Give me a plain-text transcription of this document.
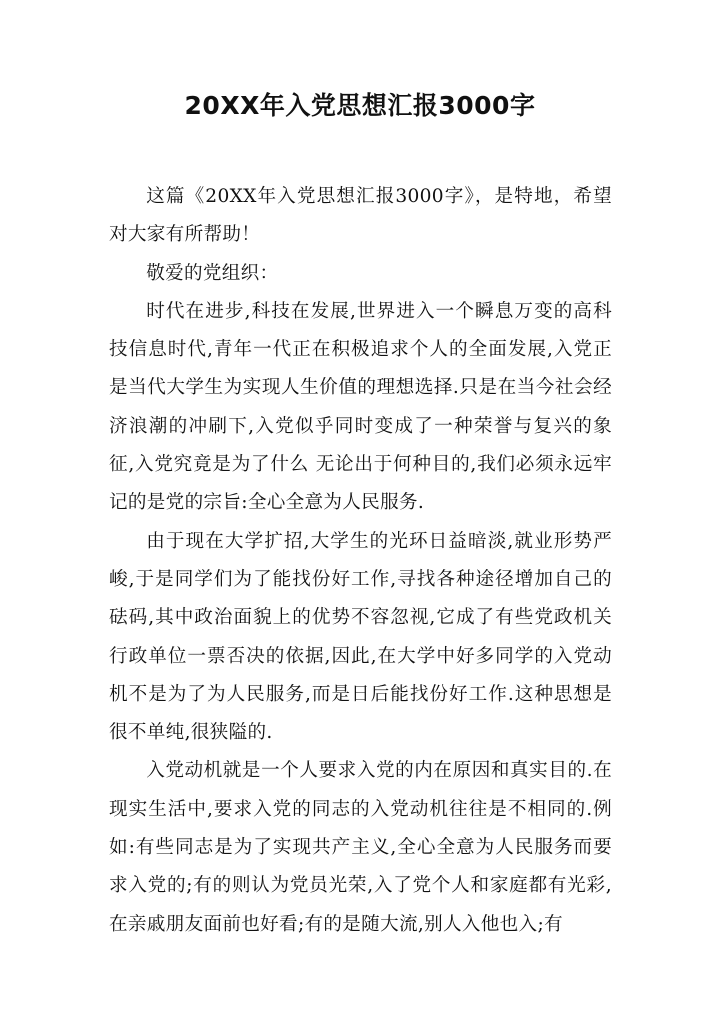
20XX年入党思想汇报3000字

这篇《20XX年入党思想汇报3000字》，是特地，希望对大家有所帮助！

敬爱的党组织：

时代在进步,科技在发展,世界进入一个瞬息万变的高科技信息时代,青年一代正在积极追求个人的全面发展,入党正是当代大学生为实现人生价值的理想选择.只是在当今社会经济浪潮的冲刷下,入党似乎同时变成了一种荣誉与复兴的象征,入党究竟是为了什么 无论出于何种目的,我们必须永远牢记的是党的宗旨:全心全意为人民服务.

由于现在大学扩招,大学生的光环日益暗淡,就业形势严峻,于是同学们为了能找份好工作,寻找各种途径增加自己的砝码,其中政治面貌上的优势不容忽视,它成了有些党政机关行政单位一票否决的依据,因此,在大学中好多同学的入党动机不是为了为人民服务,而是日后能找份好工作.这种思想是很不单纯,很狭隘的.

入党动机就是一个人要求入党的内在原因和真实目的.在现实生活中,要求入党的同志的入党动机往往是不相同的.例如:有些同志是为了实现共产主义,全心全意为人民服务而要求入党的;有的则认为党员光荣,入了党个人和家庭都有光彩,在亲戚朋友面前也好看;有的是随大流,别人入他也入;有
